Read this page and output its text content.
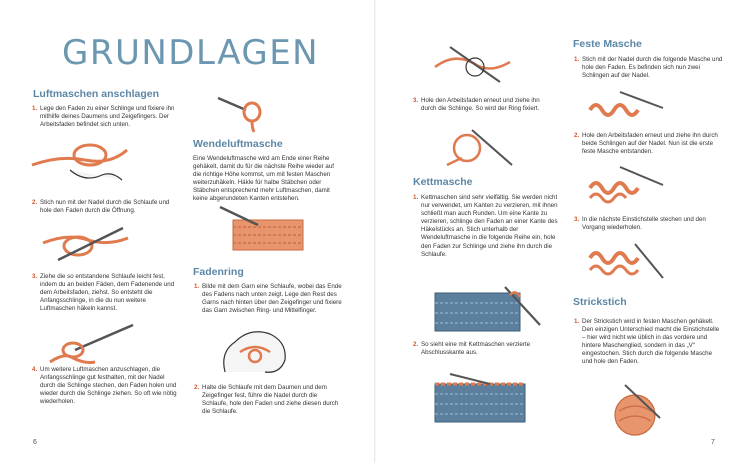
GRUNDLAGEN
Luftmaschen anschlagen
1. Lege den Faden zu einer Schlinge und fixiere ihn mithilfe deines Daumens und Zeigefingers. Der Arbeitsfaden befindet sich unten.
2. Stich nun mit der Nadel durch die Schlaufe und hole den Faden durch die Öffnung.
3. Ziehe die so entstandene Schlaufe leicht fest, indem du an beiden Fäden, dem Fadenende und dem Arbeitsfaden, ziehst. So entsteht die Anfangsschlinge, in die du nun weitere Luftmaschen häkeln kannst.
4. Um weitere Luftmaschen anzuschlagen, die Anfangsschlinge gut festhalten, mit der Nadel durch die Schlinge stechen, den Faden holen und wieder durch die Schlinge ziehen. So oft wie nötig wiederholen.
Wendeluftmasche
Eine Wendeluftmasche wird am Ende einer Reihe gehäkelt, damit du für die nächste Reihe wieder auf die richtige Höhe kommst, um mit festen Maschen weiterzuhäkeln. Häkle für halbe Stäbchen oder Stäbchen entsprechend mehr Luftmaschen, damit keine abgerundeten Kanten entstehen.
Fadenring
1. Bilde mit dem Garn eine Schlaufe, wobei das Ende des Fadens nach unten zeigt. Lege den Rest des Garns nach hinten über den Zeigefinger und fixiere das Garn zwischen Ring- und Mittelfinger.
2. Halte die Schlaufe mit dem Daumen und dem Zeigefinger fest, führe die Nadel durch die Schlaufe, hole den Faden und ziehe diesen durch die Schlaufe.
6
3. Hole den Arbeitsfaden erneut und ziehe ihn durch die Schlinge. So wird der Ring fixiert.
Kettmasche
1. Kettmaschen sind sehr vielfältig. Sie werden nicht nur verwendet, um Kanten zu verzieren, mit ihnen schließt man auch Runden. Um eine Kante zu verzieren, schlinge den Faden an einer Kante des Häkelstücks an. Stich unterhalb der Wendeluftmasche in die folgende Reihe ein, hole den Faden zur Schlinge und ziehe ihn durch die Schlaufe.
2. So sieht eine mit Kettmaschen verzierte Abschlusskante aus.
Feste Masche
1. Stich mit der Nadel durch die folgende Masche und hole den Faden. Es befinden sich nun zwei Schlingen auf der Nadel.
2. Hole den Arbeitsfaden erneut und ziehe ihn durch beide Schlingen auf der Nadel. Nun ist die erste feste Masche entstanden.
3. In die nächste Einstichstelle stechen und den Vorgang wiederholen.
Strickstich
1. Der Strickstich wird in festen Maschen gehäkelt. Den einzigen Unterschied macht die Einstichstelle – hier wird nicht wie üblich in das vordere und hintere Maschenglied, sondern in das „V“ eingestochen. Stich durch die folgende Masche und hole den Faden.
7
